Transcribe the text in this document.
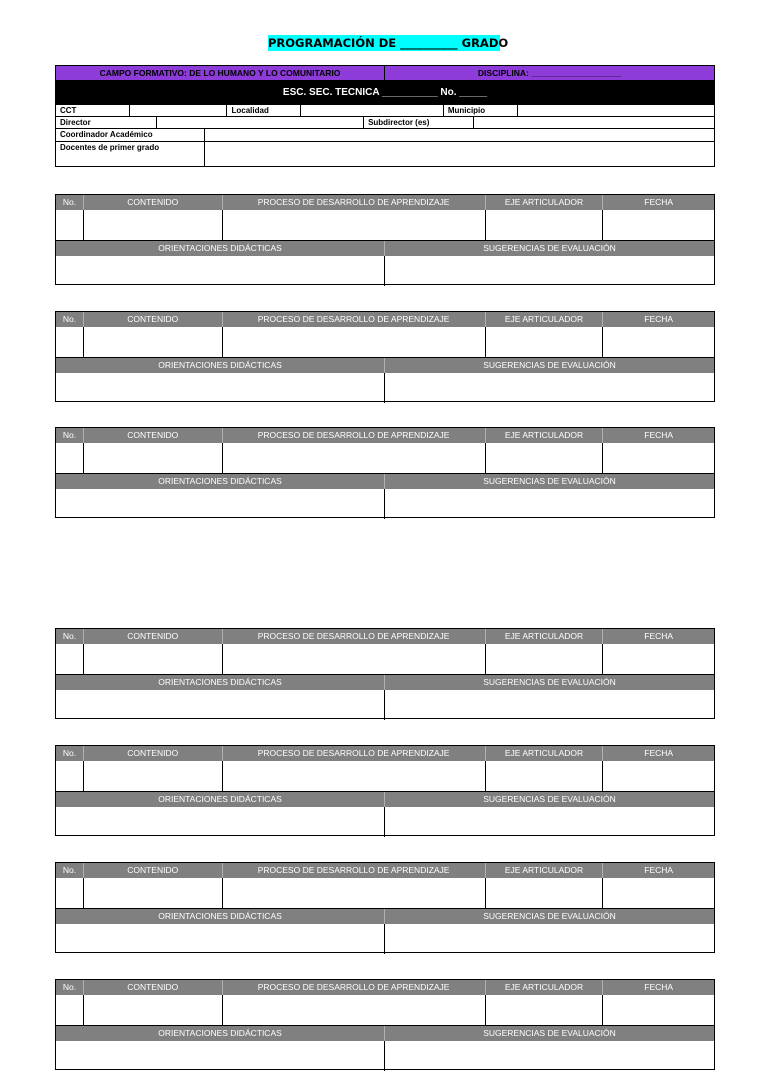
PROGRAMACIÓN DE __________ GRADO
CAMPO FORMATIVO: DE LO HUMANO Y LO COMUNITARIO	DISCIPLINA: ___________________
ESC. SEC. TECNICA __________ No. _____
CCT	Localidad	Municipio
Director	Subdirector (es)
Coordinador Académico
Docentes de primer grado
No.	CONTENIDO	PROCESO DE DESARROLLO DE APRENDIZAJE	EJE ARTICULADOR	FECHA
ORIENTACIONES DIDÁCTICAS	SUGERENCIAS DE EVALUACIÓN
No.	CONTENIDO	PROCESO DE DESARROLLO DE APRENDIZAJE	EJE ARTICULADOR	FECHA
ORIENTACIONES DIDÁCTICAS	SUGERENCIAS DE EVALUACIÓN
No.	CONTENIDO	PROCESO DE DESARROLLO DE APRENDIZAJE	EJE ARTICULADOR	FECHA
ORIENTACIONES DIDÁCTICAS	SUGERENCIAS DE EVALUACIÓN
No.	CONTENIDO	PROCESO DE DESARROLLO DE APRENDIZAJE	EJE ARTICULADOR	FECHA
ORIENTACIONES DIDÁCTICAS	SUGERENCIAS DE EVALUACIÓN
No.	CONTENIDO	PROCESO DE DESARROLLO DE APRENDIZAJE	EJE ARTICULADOR	FECHA
ORIENTACIONES DIDÁCTICAS	SUGERENCIAS DE EVALUACIÓN
No.	CONTENIDO	PROCESO DE DESARROLLO DE APRENDIZAJE	EJE ARTICULADOR	FECHA
ORIENTACIONES DIDÁCTICAS	SUGERENCIAS DE EVALUACIÓN
No.	CONTENIDO	PROCESO DE DESARROLLO DE APRENDIZAJE	EJE ARTICULADOR	FECHA
ORIENTACIONES DIDÁCTICAS	SUGERENCIAS DE EVALUACIÓN
